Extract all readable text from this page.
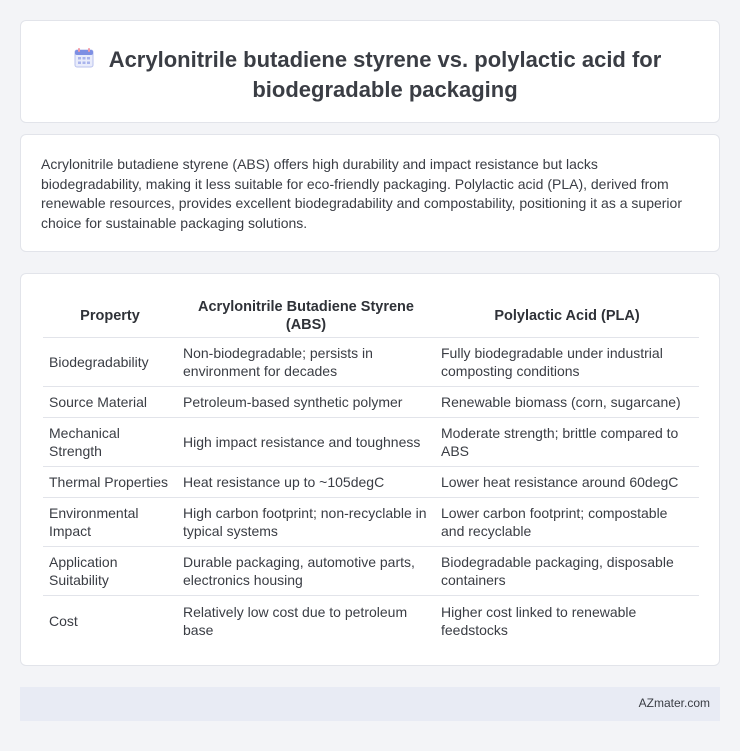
Acrylonitrile butadiene styrene vs. polylactic acid for biodegradable packaging

Acrylonitrile butadiene styrene (ABS) offers high durability and impact resistance but lacks biodegradability, making it less suitable for eco-friendly packaging. Polylactic acid (PLA), derived from renewable resources, provides excellent biodegradability and compostability, positioning it as a superior choice for sustainable packaging solutions.

Property	Acrylonitrile Butadiene Styrene (ABS)	Polylactic Acid (PLA)
Biodegradability	Non-biodegradable; persists in environment for decades	Fully biodegradable under industrial composting conditions
Source Material	Petroleum-based synthetic polymer	Renewable biomass (corn, sugarcane)
Mechanical Strength	High impact resistance and toughness	Moderate strength; brittle compared to ABS
Thermal Properties	Heat resistance up to ~105degC	Lower heat resistance around 60degC
Environmental Impact	High carbon footprint; non-recyclable in typical systems	Lower carbon footprint; compostable and recyclable
Application Suitability	Durable packaging, automotive parts, electronics housing	Biodegradable packaging, disposable containers
Cost	Relatively low cost due to petroleum base	Higher cost linked to renewable feedstocks
AZmater.com
